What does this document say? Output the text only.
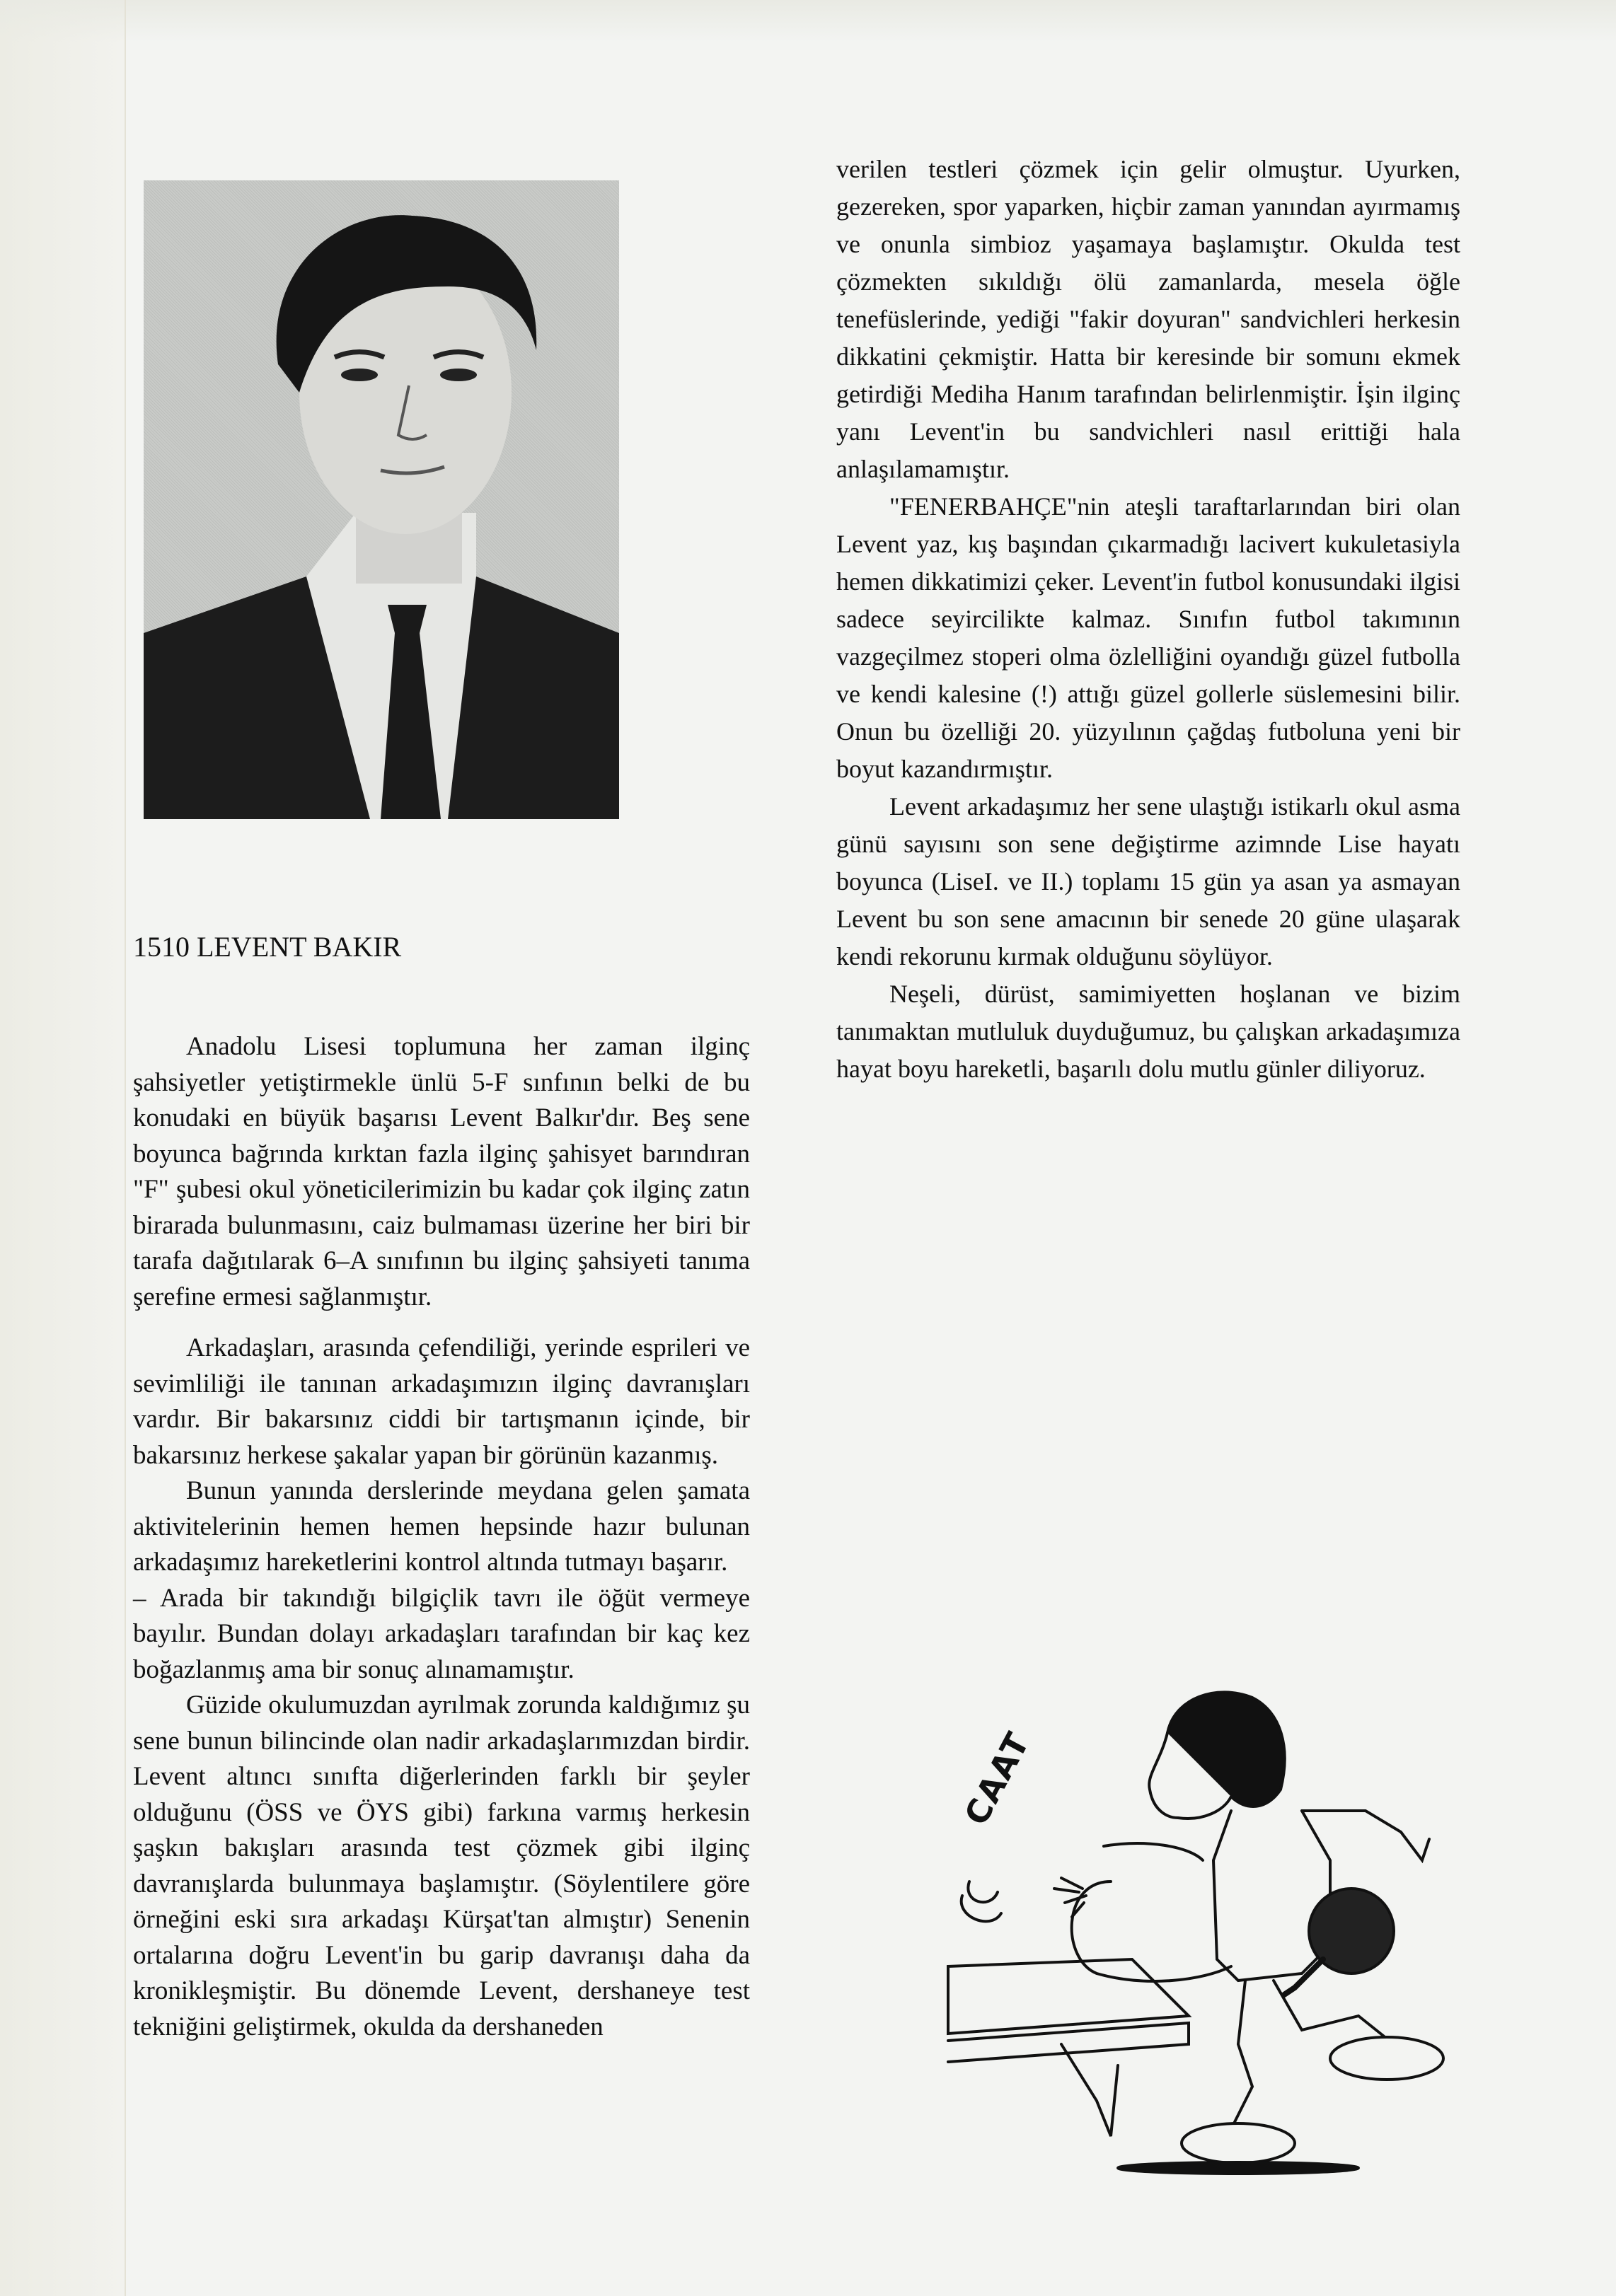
1510 LEVENT BAKIR

Anadolu Lisesi toplumuna her zaman ilginç şahsiyetler yetiştirmekle ünlü 5-F sınfının belki de bu konudaki en büyük başarısı Levent Balkır'dır. Beş sene boyunca bağrında kırktan fazla ilginç şahisyet barındıran "F" şubesi okul yöneticilerimizin bu kadar çok ilginç zatın birarada bulunmasını, caiz bulmaması üzerine her biri bir tarafa dağıtılarak 6–A sınıfının bu ilginç şahsiyeti tanıma şerefine ermesi sağlanmıştır.

Arkadaşları, arasında çefendiliği, yerinde esprileri ve sevimliliği ile tanınan arkadaşımızın ilginç davranışları vardır. Bir bakarsınız ciddi bir tartışmanın içinde, bir bakarsınız herkese şakalar yapan bir görünün kazanmış.

Bunun yanında derslerinde meydana gelen şamata aktivitelerinin hemen hemen hepsinde hazır bulunan arkadaşımız hareketlerini kontrol altında tutmayı başarır.

– Arada bir takındığı bilgiçlik tavrı ile öğüt vermeye bayılır. Bundan dolayı arkadaşları tarafından bir kaç kez boğazlanmış ama bir sonuç alınamamıştır.

Güzide okulumuzdan ayrılmak zorunda kaldığımız şu sene bunun bilincinde olan nadir arkadaşlarımızdan birdir. Levent altıncı sınıfta diğerlerinden farklı bir şeyler olduğunu (ÖSS ve ÖYS gibi) farkına varmış herkesin şaşkın bakışları arasında test çözmek gibi ilginç davranışlarda bulunmaya başlamıştır. (Söylentilere göre örneğini eski sıra arkadaşı Kürşat'tan almıştır) Senenin ortalarına doğru Levent'in bu garip davranışı daha da kronikleşmiştir. Bu dönemde Levent, dershaneye test tekniğini geliştirmek, okulda da dershaneden

verilen testleri çözmek için gelir olmuştur. Uyurken, gezereken, spor yaparken, hiçbir zaman yanından ayırmamış ve onunla simbioz yaşamaya başlamıştır. Okulda test çözmekten sıkıldığı ölü zamanlarda, mesela öğle tenefüslerinde, yediği "fakir doyuran" sandvichleri herkesin dikkatini çekmiştir. Hatta bir keresinde bir somunı ekmek getirdiği Mediha Hanım tarafından belirlenmiştir. İşin ilginç yanı Levent'in bu sandvichleri nasıl erittiği hala anlaşılamamıştır.

"FENERBAHÇE"nin ateşli taraftarlarından biri olan Levent yaz, kış başından çıkarmadığı lacivert kukuletasiyla hemen dikkatimizi çeker. Levent'in futbol konusundaki ilgisi sadece seyircilikte kalmaz. Sınıfın futbol takımının vazgeçilmez stoperi olma özlelliğini oyandığı güzel futbolla ve kendi kalesine (!) attığı güzel gollerle süslemesini bilir. Onun bu özelliği 20. yüzyılının çağdaş futboluna yeni bir boyut kazandırmıştır.

Levent arkadaşımız her sene ulaştığı istikarlı okul asma günü sayısını son sene değiştirme azimnde Lise hayatı boyunca (LiseI. ve II.) toplamı 15 gün ya asan ya asmayan Levent bu son sene amacının bir senede 20 güne ulaşarak kendi rekorunu kırmak olduğunu söylüyor.

Neşeli, dürüst, samimiyetten hoşlanan ve bizim tanımaktan mutluluk duyduğumuz, bu çalışkan arkadaşımıza hayat boyu hareketli, başarılı dolu mutlu günler diliyoruz.

CAAT
